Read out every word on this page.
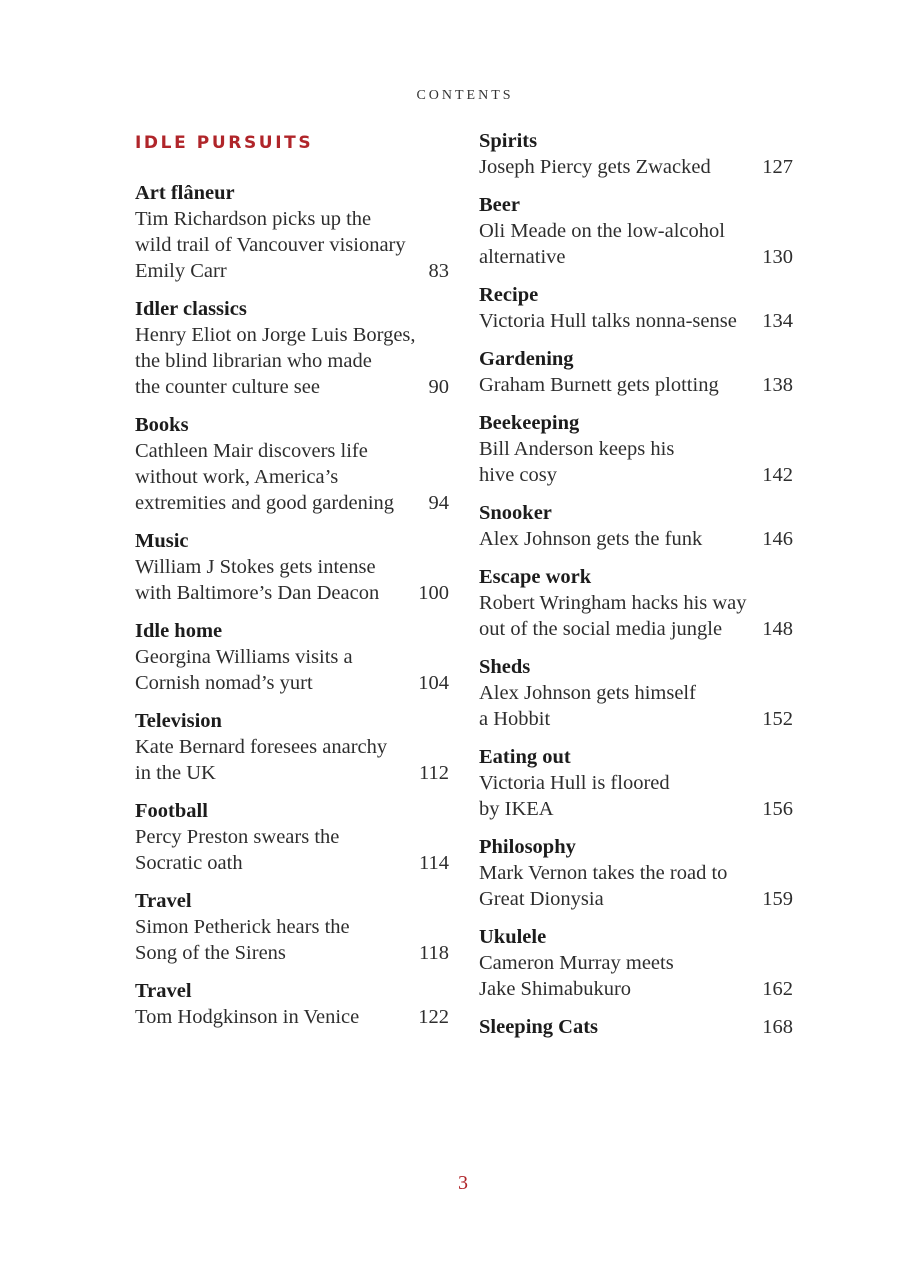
CONTENTS
IDLE PURSUITS
Art flâneur
Tim Richardson picks up the
wild trail of Vancouver visionary
Emily Carr	83
Idler classics
Henry Eliot on Jorge Luis Borges,
the blind librarian who made
the counter culture see	90
Books
Cathleen Mair discovers life
without work, America’s
extremities and good gardening 94
Music
William J Stokes gets intense
with Baltimore’s Dan Deacon 100
Idle home
Georgina Williams visits a
Cornish nomad’s yurt	104
Television
Kate Bernard foresees anarchy
in the UK	112
Football
Percy Preston swears the
Socratic oath	114
Travel
Simon Petherick hears the
Song of the Sirens	118
Travel
Tom Hodgkinson in Venice	122
Spirits
Joseph Piercy gets Zwacked	127
Beer
Oli Meade on the low-alcohol
alternative	130
Recipe
Victoria Hull talks nonna-sense 134
Gardening
Graham Burnett gets plotting 138
Beekeeping
Bill Anderson keeps his
hive cosy	142
Snooker
Alex Johnson gets the funk	146
Escape work
Robert Wringham hacks his way
out of the social media jungle 148
Sheds
Alex Johnson gets himself
a Hobbit	152
Eating out
Victoria Hull is floored
by IKEA	156
Philosophy
Mark Vernon takes the road to
Great Dionysia	159
Ukulele
Cameron Murray meets
Jake Shimabukuro	162
Sleeping Cats	168
3
